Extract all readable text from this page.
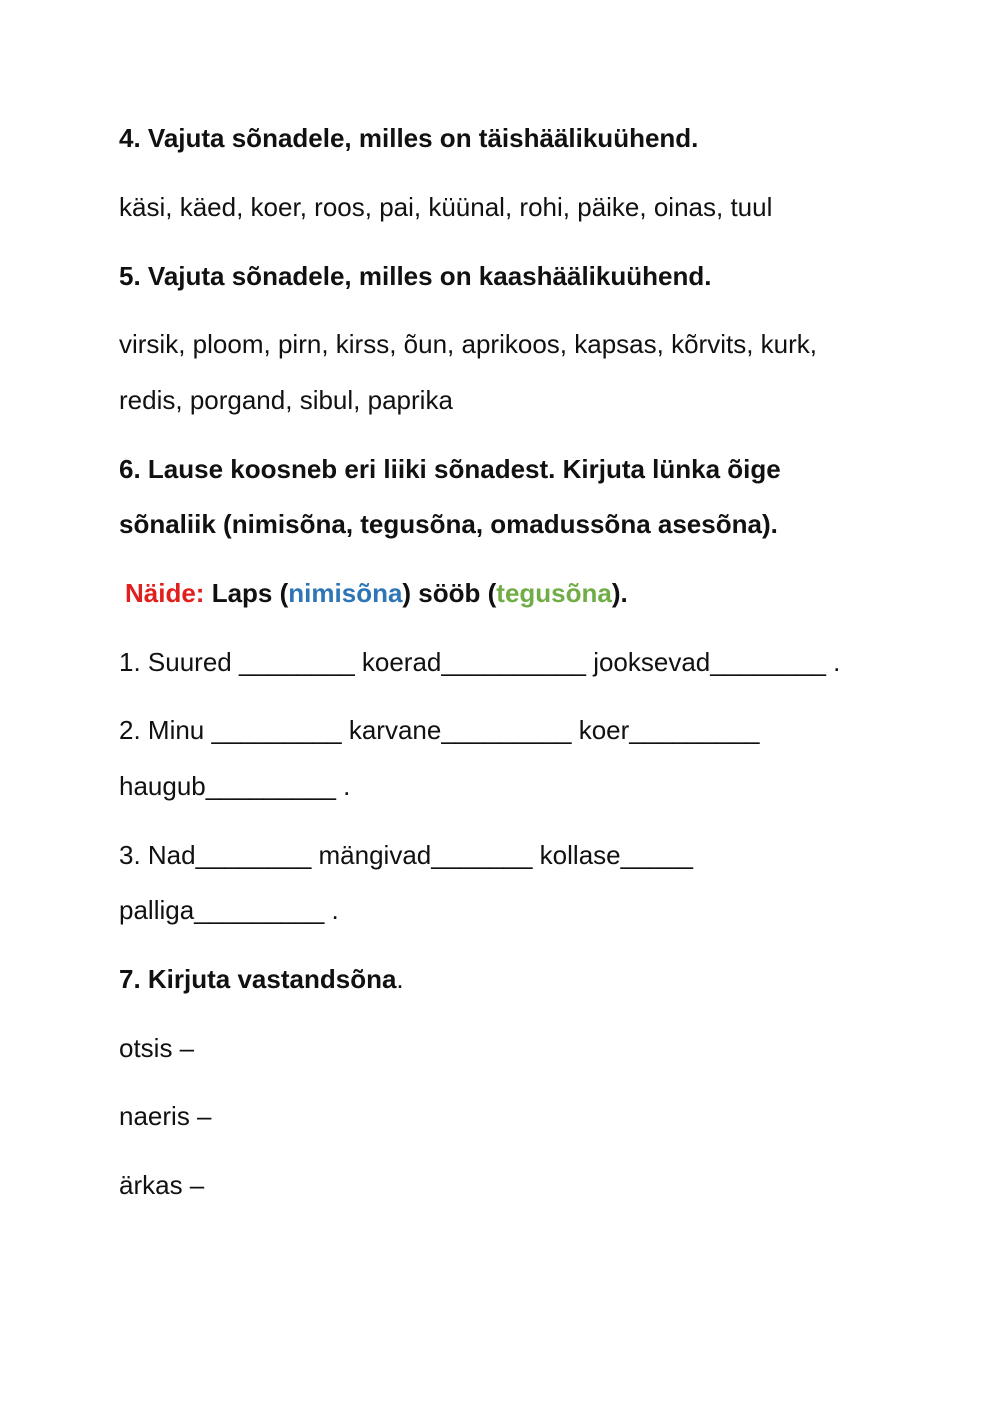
4. Vajuta sõnadele, milles on täishäälikuühend.
käsi, käed, koer, roos, pai, küünal, rohi, päike, oinas, tuul
5. Vajuta sõnadele, milles on kaashäälikuühend.
virsik, ploom, pirn, kirss, õun, aprikoos, kapsas, kõrvits, kurk,
redis, porgand, sibul, paprika
6. Lause koosneb eri liiki sõnadest. Kirjuta lünka õige
sõnaliik (nimisõna, tegusõna, omadussõna asesõna).
Näide: Laps (nimisõna) sööb (tegusõna).
1. Suured ________ koerad__________ jooksevad________ .
2. Minu _________ karvane_________ koer_________
haugub_________ .
3. Nad________ mängivad_______ kollase_____
palliga_________ .
7. Kirjuta vastandsõna.
otsis –
naeris –
ärkas –
